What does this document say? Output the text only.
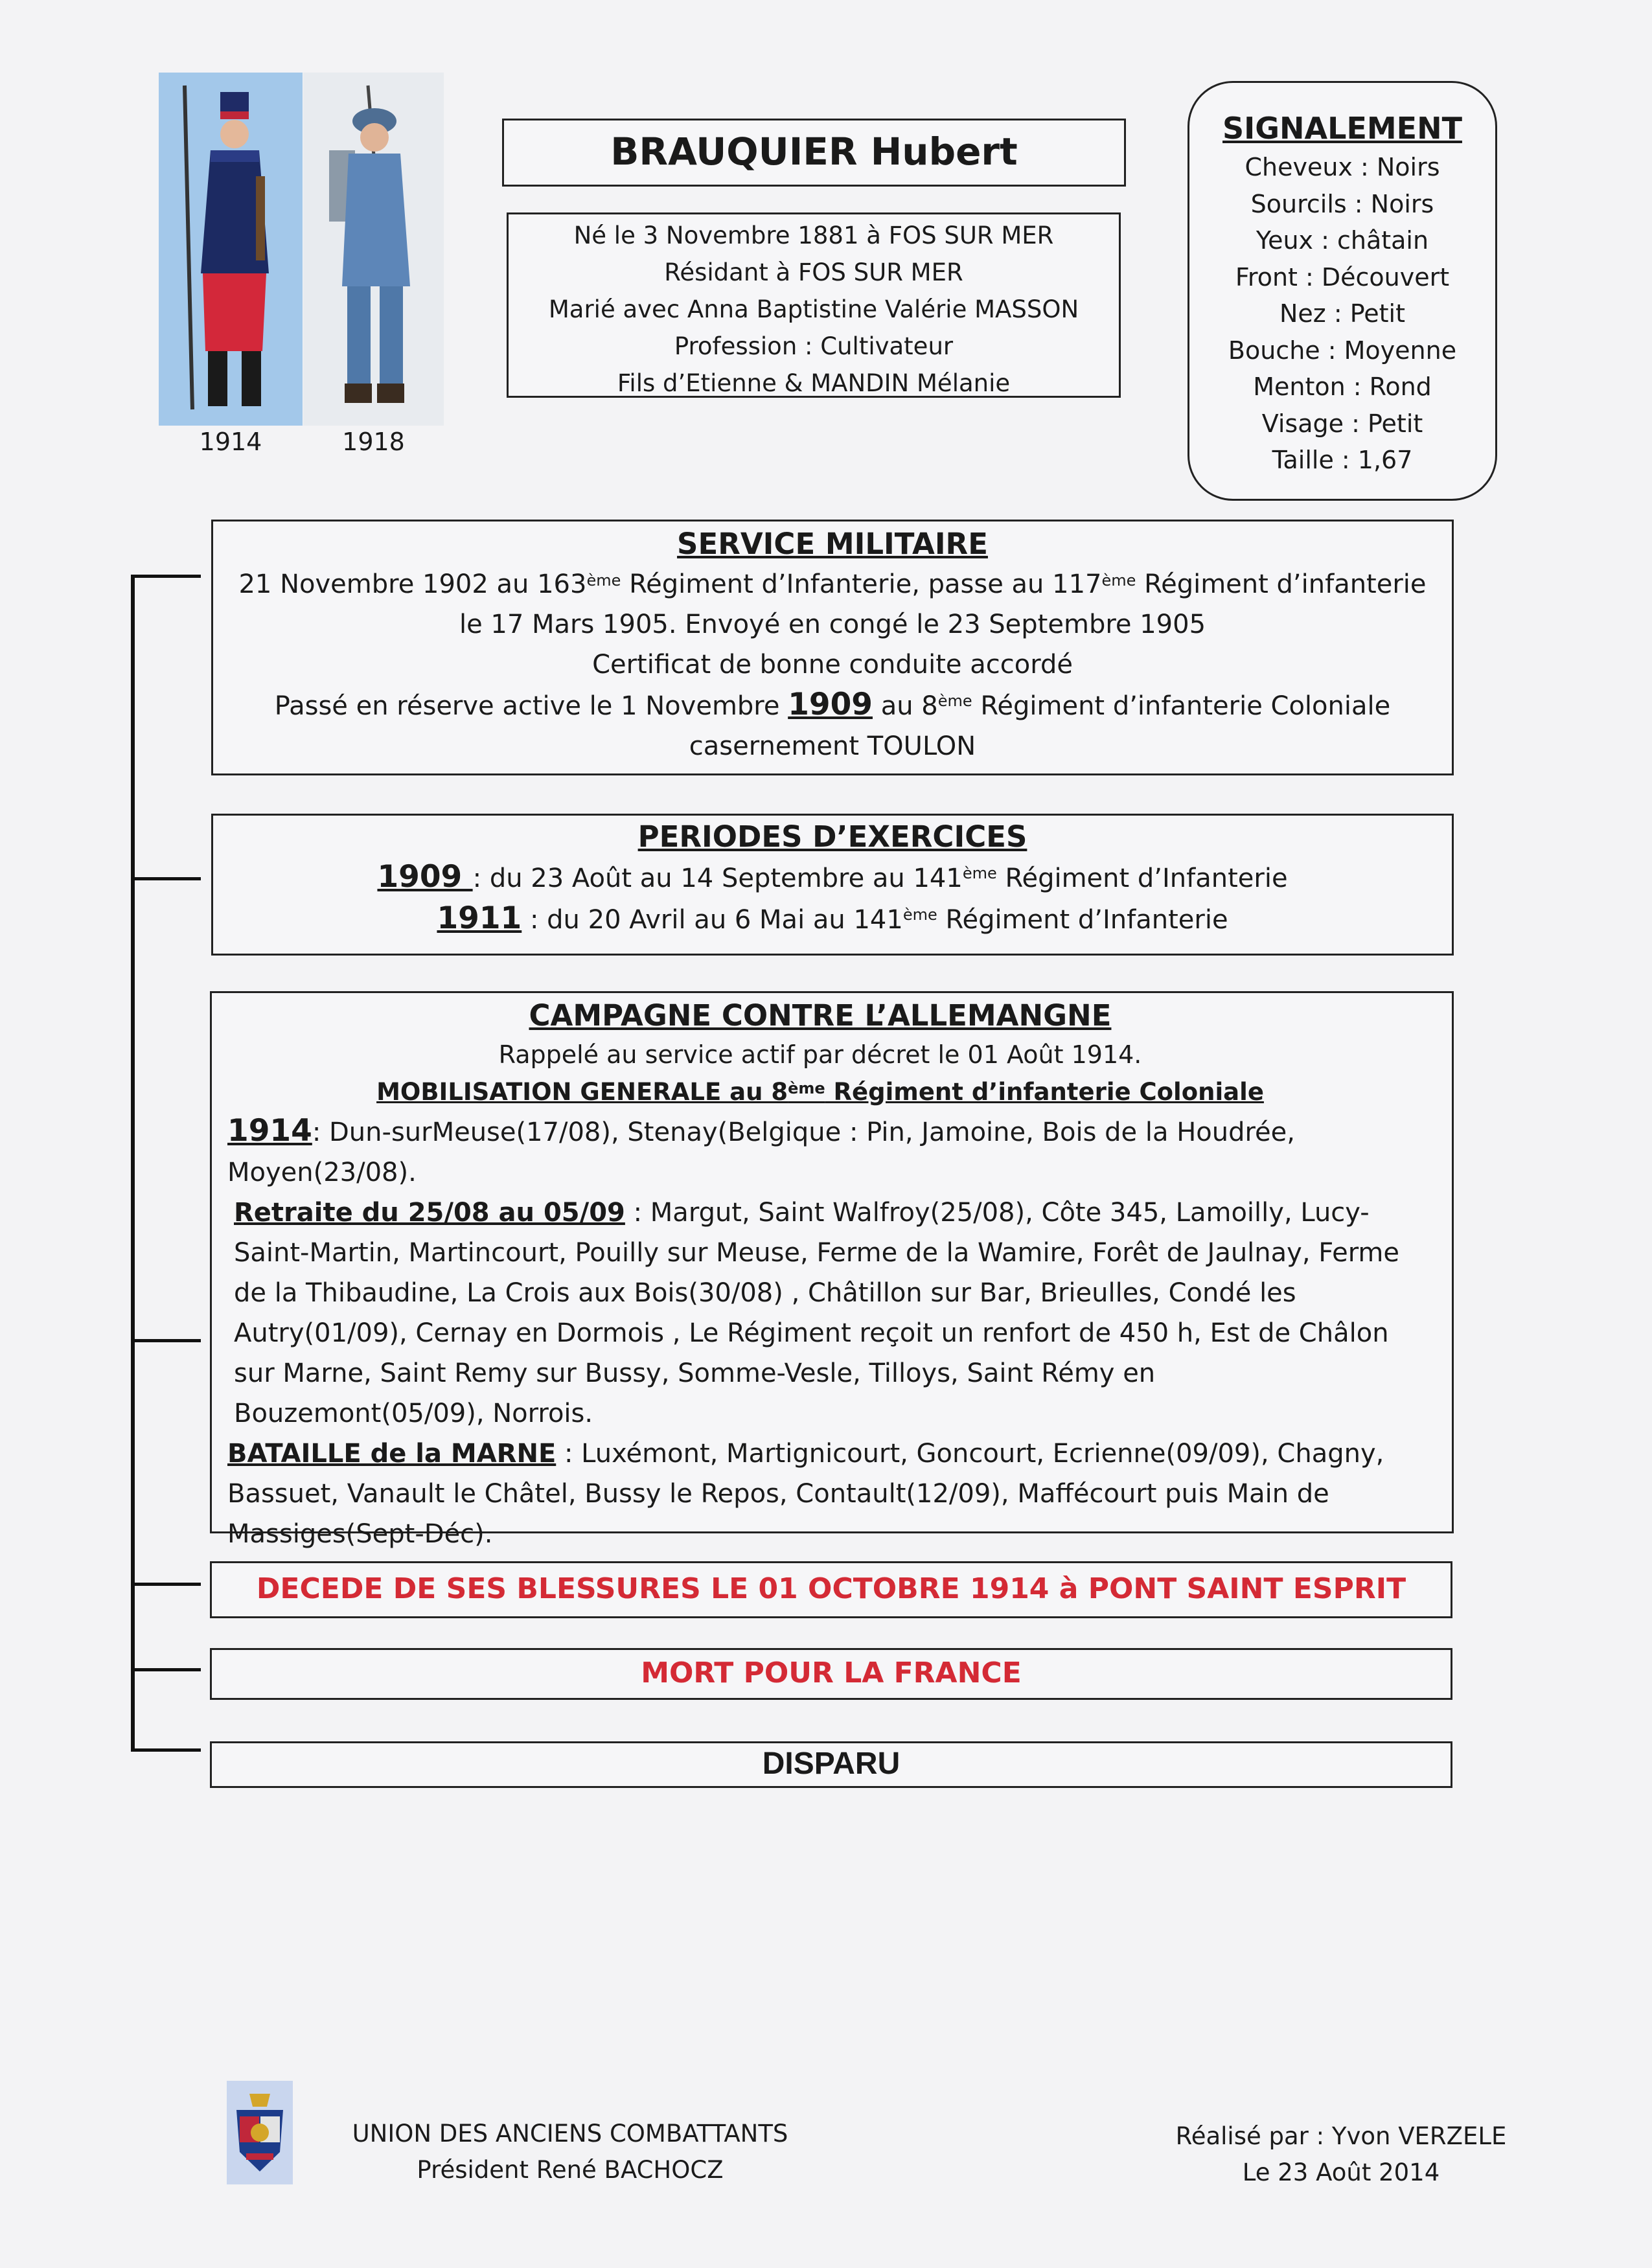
1914	1918
BRAUQUIER Hubert
Né le 3 Novembre 1881 à FOS SUR MER
Résidant à FOS SUR MER
Marié avec Anna Baptistine Valérie MASSON
Profession : Cultivateur
Fils d’Etienne & MANDIN Mélanie
SIGNALEMENT
Cheveux : Noirs
Sourcils : Noirs
Yeux : châtain
Front : Découvert
Nez : Petit
Bouche : Moyenne
Menton : Rond
Visage : Petit
Taille : 1,67
SERVICE MILITAIRE
21 Novembre 1902 au 163ème Régiment d’Infanterie, passe au 117ème Régiment d’infanterie
le 17 Mars 1905. Envoyé en congé le 23 Septembre 1905
Certificat de bonne conduite accordé
Passé en réserve active le 1 Novembre 1909 au 8ème Régiment d’infanterie Coloniale
casernement TOULON
PERIODES D’EXERCICES
1909 : du 23 Août au 14 Septembre au 141ème Régiment d’Infanterie
1911 : du 20 Avril au 6 Mai au 141ème Régiment d’Infanterie
CAMPAGNE CONTRE L’ALLEMANGNE
Rappelé au service actif par décret le 01 Août 1914.
MOBILISATION GENERALE au 8ème Régiment d’infanterie Coloniale
1914: Dun-surMeuse(17/08), Stenay(Belgique : Pin, Jamoine, Bois de la Houdrée, Moyen(23/08).
Retraite du 25/08 au 05/09 : Margut, Saint Walfroy(25/08), Côte 345, Lamoilly, Lucy-Saint-Martin, Martincourt, Pouilly sur Meuse, Ferme de la Wamire, Forêt de Jaulnay, Ferme de la Thibaudine, La Crois aux Bois(30/08) , Châtillon sur Bar, Brieulles, Condé les Autry(01/09), Cernay en Dormois , Le Régiment reçoit un renfort de 450 h, Est de Châlon sur Marne, Saint Remy sur Bussy, Somme-Vesle, Tilloys, Saint Rémy en Bouzemont(05/09), Norrois.
BATAILLE de la MARNE : Luxémont, Martignicourt, Goncourt, Ecrienne(09/09), Chagny, Bassuet, Vanault le Châtel, Bussy le Repos, Contault(12/09), Maffécourt puis Main de Massiges(Sept-Déc).
DECEDE DE SES BLESSURES LE 01 OCTOBRE 1914 à PONT SAINT ESPRIT
MORT POUR LA FRANCE
DISPARU
UNION DES ANCIENS COMBATTANTS
Président René BACHOCZ
Réalisé par : Yvon VERZELE
Le 23 Août 2014
